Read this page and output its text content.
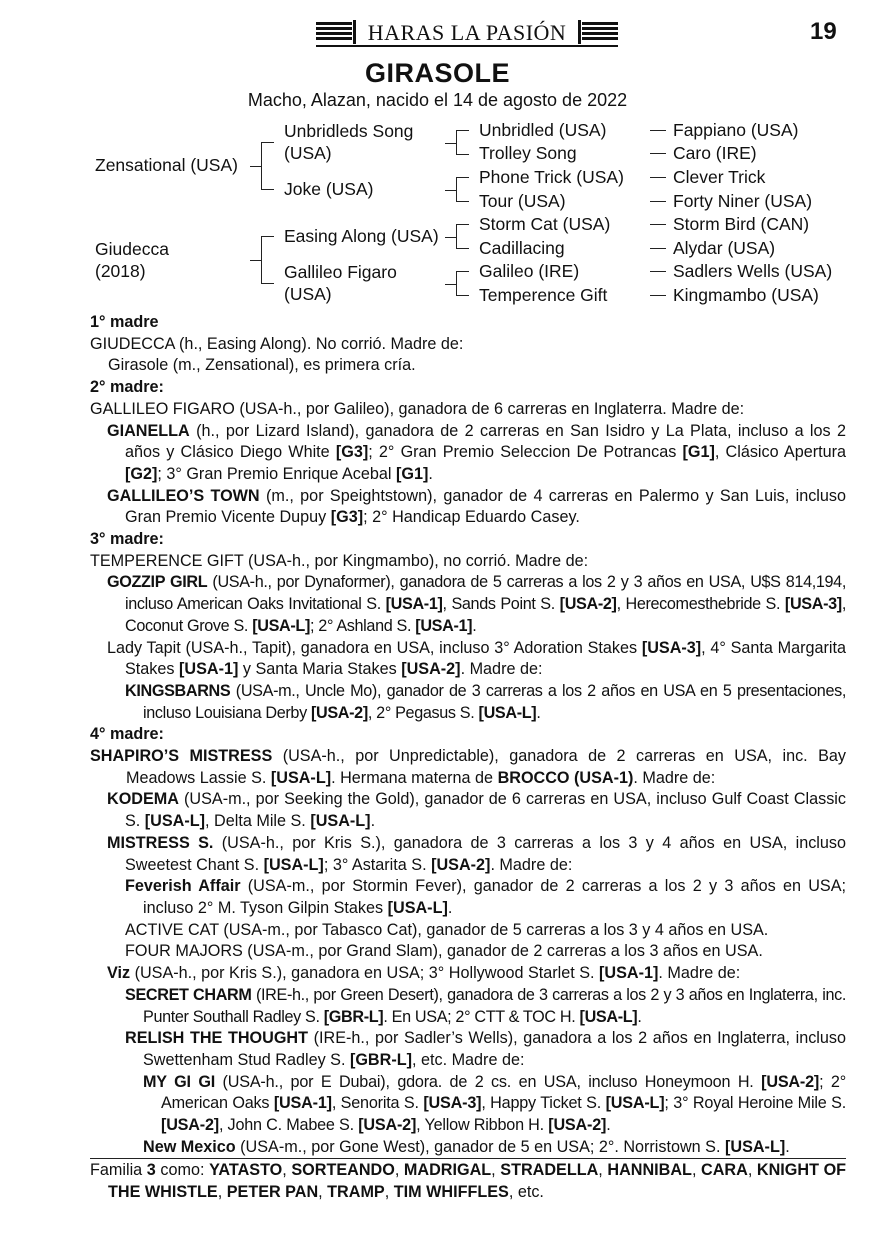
HARAS LA PASIÓN	19
GIRASOLE
Macho, Alazan, nacido el 14 de agosto de 2022
Zensational (USA)
Giudecca
(2018)
Unbridleds Song
(USA)
Joke (USA)
Easing Along (USA)
Gallileo Figaro
(USA)
Unbridled (USA)
Trolley Song
Phone Trick (USA)
Tour (USA)
Storm Cat (USA)
Cadillacing
Galileo (IRE)
Temperence Gift
Fappiano (USA)
Caro (IRE)
Clever Trick
Forty Niner (USA)
Storm Bird (CAN)
Alydar (USA)
Sadlers Wells (USA)
Kingmambo (USA)

1° madre

GIUDECCA (h., Easing Along). No corrió. Madre de:

Girasole (m., Zensational), es primera cría.

2° madre:

GALLILEO FIGARO (USA-h., por Galileo), ganadora de 6 carreras en Inglaterra. Madre de:

GIANELLA (h., por Lizard Island), ganadora de 2 carreras en San Isidro y La Plata, incluso a los 2 años y Clásico Diego White [G3]; 2° Gran Premio Seleccion De Potrancas [G1], Clásico Apertura [G2]; 3° Gran Premio Enrique Acebal [G1].

GALLILEO’S TOWN (m., por Speightstown), ganador de 4 carreras en Palermo y San Luis, incluso Gran Premio Vicente Dupuy [G3]; 2° Handicap Eduardo Casey.

3° madre:

TEMPERENCE GIFT (USA-h., por Kingmambo), no corrió. Madre de:

GOZZIP GIRL (USA-h., por Dynaformer), ganadora de 5 carreras a los 2 y 3 años en USA, U$S 814,194, incluso American Oaks Invitational S. [USA-1], Sands Point S. [USA-2], Herecomesthebride S. [USA-3], Coconut Grove S. [USA-L]; 2° Ashland S. [USA-1].

Lady Tapit (USA-h., Tapit), ganadora en USA, incluso 3° Adoration Stakes [USA-3], 4° Santa Margarita Stakes [USA-1] y Santa Maria Stakes [USA-2]. Madre de:

KINGSBARNS (USA-m., Uncle Mo), ganador de 3 carreras a los 2 años en USA en 5 presentaciones, incluso Louisiana Derby [USA-2], 2° Pegasus S. [USA-L].

4° madre:

SHAPIRO’S MISTRESS (USA-h., por Unpredictable), ganadora de 2 carreras en USA, inc. Bay Meadows Lassie S. [USA-L]. Hermana materna de BROCCO (USA-1). Madre de:

KODEMA (USA-m., por Seeking the Gold), ganador de 6 carreras en USA, incluso Gulf Coast Classic S. [USA-L], Delta Mile S. [USA-L].

MISTRESS S. (USA-h., por Kris S.), ganadora de 3 carreras a los 3 y 4 años en USA, incluso Sweetest Chant S. [USA-L]; 3° Astarita S. [USA-2]. Madre de:

Feverish Affair (USA-m., por Stormin Fever), ganador de 2 carreras a los 2 y 3 años en USA; incluso 2° M. Tyson Gilpin Stakes [USA-L].

ACTIVE CAT (USA-m., por Tabasco Cat), ganador de 5 carreras a los 3 y 4 años en USA.

FOUR MAJORS (USA-m., por Grand Slam), ganador de 2 carreras a los 3 años en USA.

Viz (USA-h., por Kris S.), ganadora en USA; 3° Hollywood Starlet S. [USA-1]. Madre de:

SECRET CHARM (IRE-h., por Green Desert), ganadora de 3 carreras a los 2 y 3 años en Inglaterra, inc. Punter Southall Radley S. [GBR-L]. En USA; 2° CTT & TOC H. [USA-L].

RELISH THE THOUGHT (IRE-h., por Sadler’s Wells), ganadora a los 2 años en Inglaterra, incluso Swettenham Stud Radley S. [GBR-L], etc. Madre de:

MY GI GI (USA-h., por E Dubai), gdora. de 2 cs. en USA, incluso Honeymoon H. [USA-2]; 2° American Oaks [USA-1], Senorita S. [USA-3], Happy Ticket S. [USA-L]; 3° Royal Heroine Mile S. [USA-2], John C. Mabee S. [USA-2], Yellow Ribbon H. [USA-2].

New Mexico (USA-m., por Gone West), ganador de 5 en USA; 2°. Norristown S. [USA-L].

Familia 3 como: YATASTO, SORTEANDO, MADRIGAL, STRADELLA, HANNIBAL, CARA, KNIGHT OF THE WHISTLE, PETER PAN, TRAMP, TIM WHIFFLES, etc.
